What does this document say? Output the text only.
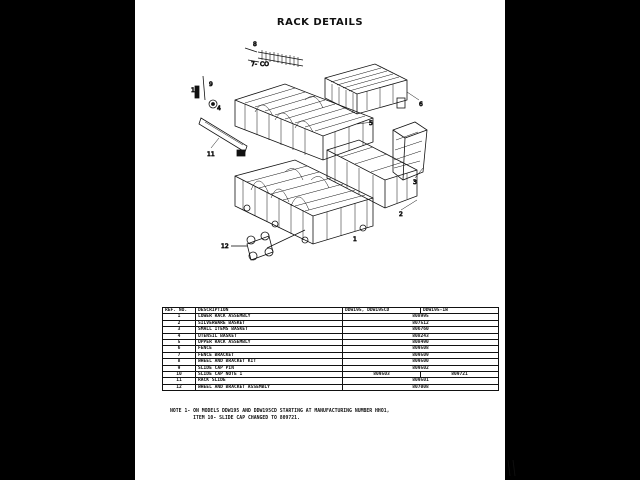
RACK DETAILS
8
7- CO
6
5
3
2
1
9
10
11
12
4
REF. NO.	DESCRIPTION	DDW195, DDW195CD	DDW195-1W
1	LOWER RACK ASSEMBLY	808995	
2	SILVERWARE BASKET	807512	
3	SMALL ITEMS BASKET	806760	
4	UTENSIL BASKET	808243	
5	UPPER RACK ASSEMBLY	808490	
6	FENCE	809508	
7	FENCE BRACKET	809509	
8	WHEEL AND BRACKET KIT	809500	
9	SLIDE CAP PIN	809502	
10	SLIDE CAP NOTE 1	809503	809721
11	RACK SLIDE	809501	
12	WHEEL AND BRACKET ASSEMBLY	807008	
NOTE 1- ON MODELS DDW195 AND DDW195CD STARTING AT MANUFACTURING NUMBER HHO1,
ITEM 10- SLIDE CAP CHANGED TO 809721.
